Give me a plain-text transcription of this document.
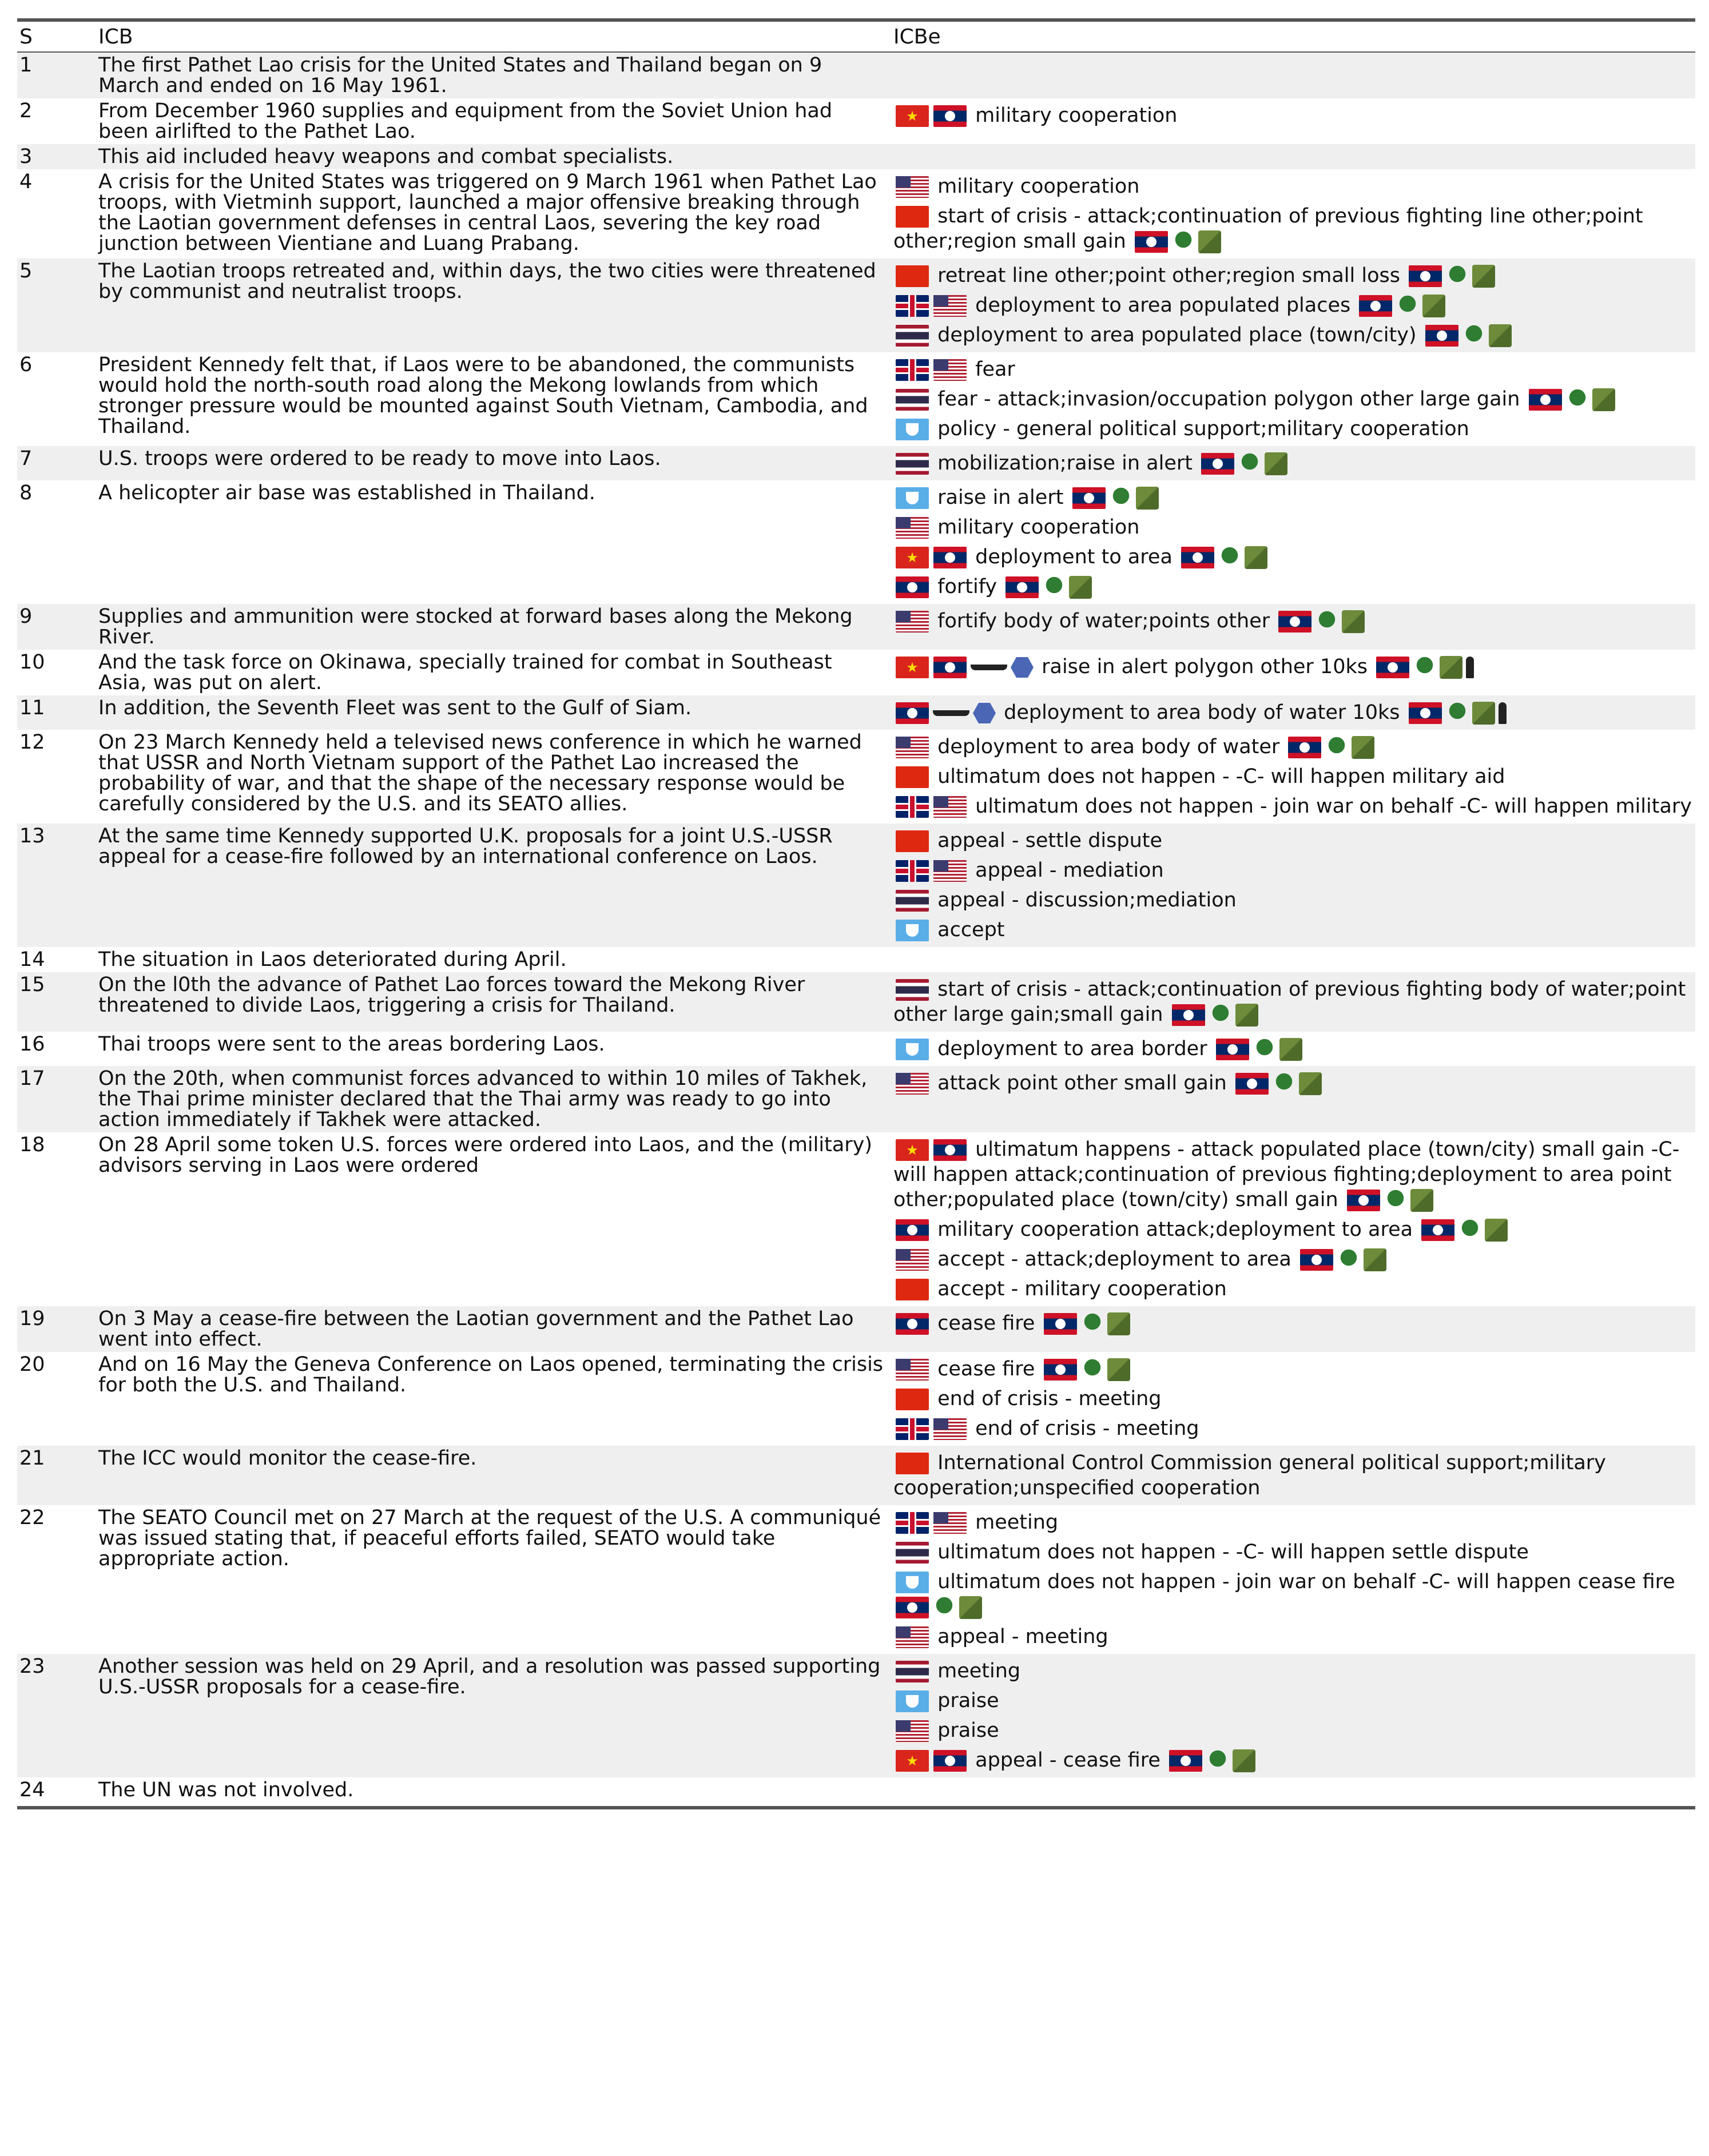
S	ICB	ICBe
1	The first Pathet Lao crisis for the United States and Thailand began on 9 March and ended on 16 May 1961.
2	From December 1960 supplies and equipment from the Soviet Union had been airlifted to the Pathet Lao.
★	military cooperation
3	This aid included heavy weapons and combat specialists.
4	A crisis for the United States was triggered on 9 March 1961 when Pathet Lao troops, with Vietminh support, launched a major offensive breaking through the Laotian government defenses in central Laos, severing the key road junction between Vientiane and Luang Prabang.
military cooperation
start of crisis - attack;continuation of previous fighting line other;point other;region small gain
5	The Laotian troops retreated and, within days, the two cities were threatened by communist and neutralist troops.
retreat line other;point other;region small loss
deployment to area populated places
deployment to area populated place (town/city)
6	President Kennedy felt that, if Laos were to be abandoned, the communists would hold the north-south road along the Mekong lowlands from which stronger pressure would be mounted against South Vietnam, Cambodia, and Thailand.
fear
fear - attack;invasion/occupation polygon other large gain
policy - general political support;military cooperation
7	U.S. troops were ordered to be ready to move into Laos.	mobilization;raise in alert
8	A helicopter air base was established in Thailand.	raise in alert
military cooperation
★	deployment to area
fortify
9	Supplies and ammunition were stocked at forward bases along the Mekong River.
fortify body of water;points other
10	And the task force on Okinawa, specially trained for combat in Southeast Asia, was put on alert.
★	raise in alert polygon other 10ks
11	In addition, the Seventh Fleet was sent to the Gulf of Siam.	deployment to area body of water 10ks
12	On 23 March Kennedy held a televised news conference in which he warned that USSR and North Vietnam support of the Pathet Lao increased the probability of war, and that the shape of the necessary response would be carefully considered by the U.S. and its SEATO allies.
deployment to area body of water
ultimatum does not happen - -C- will happen military aid
ultimatum does not happen - join war on behalf -C- will happen military
13	At the same time Kennedy supported U.K. proposals for a joint U.S.-USSR appeal for a cease-fire followed by an international conference on Laos.
appeal - settle dispute
appeal - mediation
appeal - discussion;mediation
accept
14	The situation in Laos deteriorated during April.
15	On the l0th the advance of Pathet Lao forces toward the Mekong River threatened to divide Laos, triggering a crisis for Thailand.
start of crisis - attack;continuation of previous fighting body of water;point other large gain;small gain
16	Thai troops were sent to the areas bordering Laos.	deployment to area border
17	On the 20th, when communist forces advanced to within 10 miles of Takhek, the Thai prime minister declared that the Thai army was ready to go into action immediately if Takhek were attacked.
attack point other small gain
18	On 28 April some token U.S. forces were ordered into Laos, and the (military) advisors serving in Laos were ordered
★	ultimatum happens - attack populated place (town/city) small gain -C- will happen attack;continuation of previous fighting;deployment to area point other;populated place (town/city) small gain
military cooperation attack;deployment to area
accept - attack;deployment to area
accept - military cooperation
19	On 3 May a cease-fire between the Laotian government and the Pathet Lao went into effect.
cease fire
20	And on 16 May the Geneva Conference on Laos opened, terminating the crisis for both the U.S. and Thailand.
cease fire
end of crisis - meeting
end of crisis - meeting
21	The ICC would monitor the cease-fire.	International Control Commission general political support;military cooperation;unspecified cooperation
22	The SEATO Council met on 27 March at the request of the U.S. A communiqué was issued stating that, if peaceful efforts failed, SEATO would take appropriate action.
meeting
ultimatum does not happen - -C- will happen settle dispute
ultimatum does not happen - join war on behalf -C- will happen cease fire
appeal - meeting
23	Another session was held on 29 April, and a resolution was passed supporting U.S.-USSR proposals for a cease-fire.
meeting
praise
praise
★	appeal - cease fire
24	The UN was not involved.
